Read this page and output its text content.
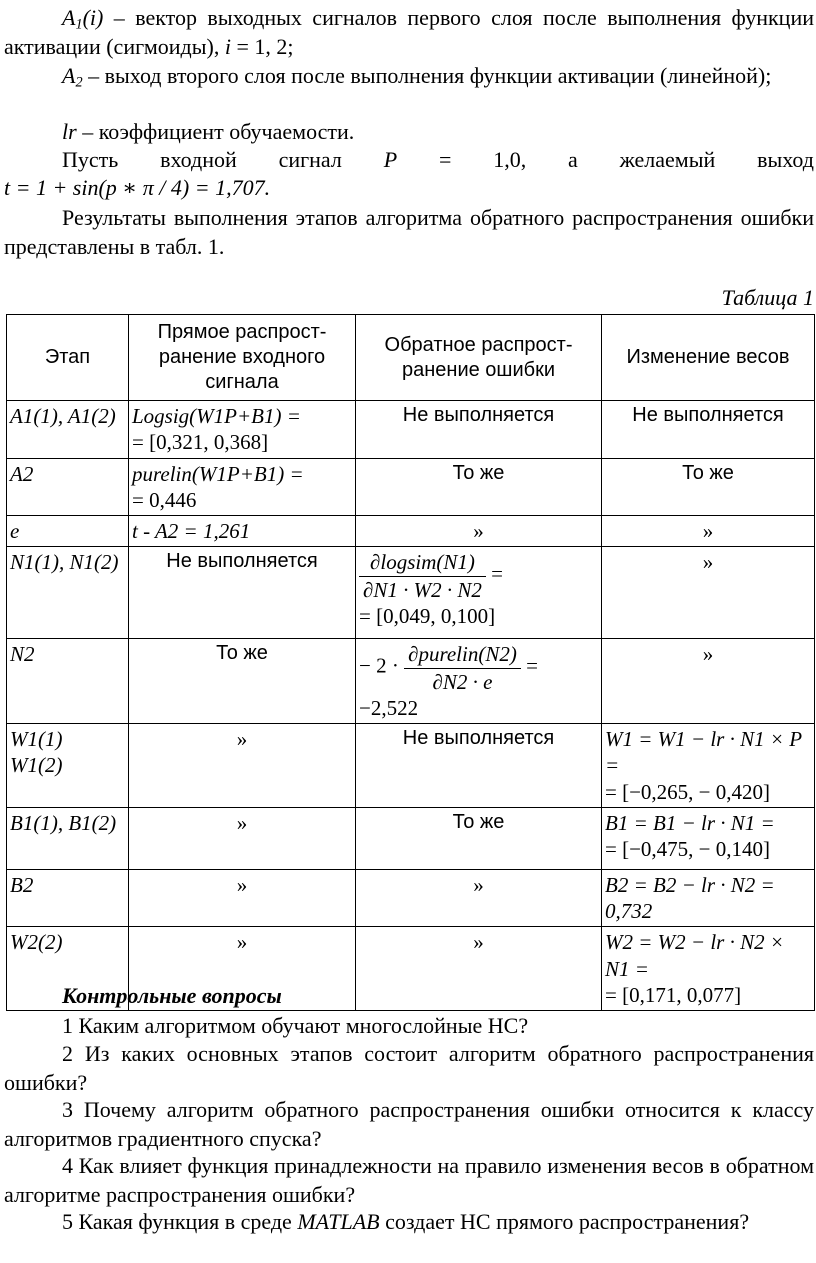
$A_1(i)$ – вектор выходных сигналов первого слоя после выполнения функции активации (сигмоиды), i = 1, 2;
$A_2$ – выход второго слоя после выполнения функции активации (линейной);
lr – коэффициент обучаемости.
Пусть входной сигнал P = 1,0, а желаемый выход
t = 1 + sin(p ∗ π / 4) = 1,707.
Результаты выполнения этапов алгоритма обратного распространения ошибки представлены в табл. 1.
Таблица 1
Этап	Прямое распрост-ранение входного сигнала	Обратное распрост-ранение ошибки	Изменение весов
A1(1), A1(2)	Logsig(W1P+B1) =
= [0,321, 0,368]	Не выполняется	Не выполняется
A2	purelin(W1P+B1) =
= 0,446	То же	То же
e	t - A2 = 1,261	»	»
N1(1), N1(2)	Не выполняется	$\frac{\text{∂logsim(N1)}}{\partial N1 \cdot W2 \cdot N2}$ =
= [0,049, 0,100]	»
N2	То же	− $2 \cdot \frac{\text{∂purelin(N2)}}{\partial N2 \cdot e} = -2,522$	»
W1(1)
W1(2)	»	Не выполняется	W1 = W1 − lr · N1 × P =
= [−0,265, − 0,420]
B1(1), B1(2)	»	То же	B1 = B1 − lr · N1 =
= [−0,475, − 0,140]
B2	»	»	B2 = B2 − lr · N2 = 0,732
W2(2)	»	»	W2 = W2 − lr · N2 × N1 =
= [0,171, 0,077]
Контрольные вопросы
1 Каким алгоритмом обучают многослойные НС?
2 Из каких основных этапов состоит алгоритм обратного распространения ошибки?
3 Почему алгоритм обратного распространения ошибки относится к классу алгоритмов градиентного спуска?
4 Как влияет функция принадлежности на правило изменения весов в обратном алгоритме распространения ошибки?
5 Какая функция в среде MATLAB создает НС прямого распространения?
